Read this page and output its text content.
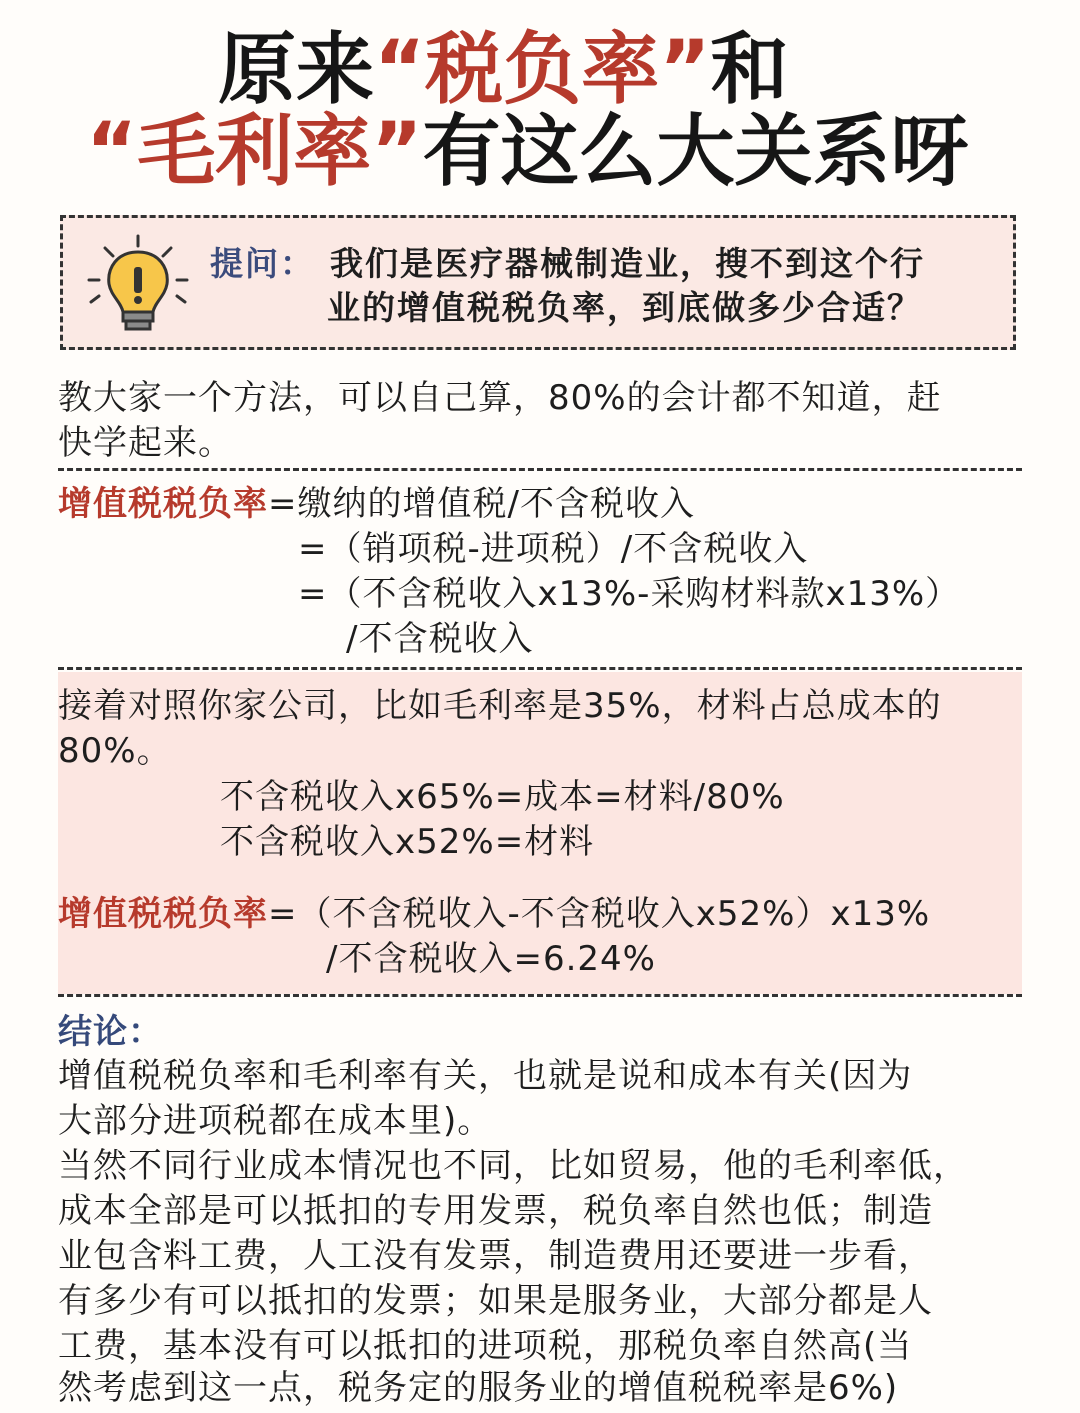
原来“税负率”和
“毛利率”有这么大关系呀
提问： 我们是医疗器械制造业，搜不到这个行
业的增值税税负率，到底做多少合适？
教大家一个方法，可以自己算，80%的会计都不知道，赶
快学起来。
增值税税负率=缴纳的增值税/不含税收入
=（销项税-进项税）/不含税收入
=（不含税收入x13%-采购材料款x13%）
/不含税收入
接着对照你家公司，比如毛利率是35%，材料占总成本的
80%。
不含税收入x65%=成本=材料/80%
不含税收入x52%=材料
增值税税负率=（不含税收入-不含税收入x52%）x13%
/不含税收入=6.24%
结论：
增值税税负率和毛利率有关，也就是说和成本有关(因为
大部分进项税都在成本里)。
当然不同行业成本情况也不同，比如贸易，他的毛利率低，
成本全部是可以抵扣的专用发票，税负率自然也低；制造
业包含料工费，人工没有发票，制造费用还要进一步看，
有多少有可以抵扣的发票；如果是服务业，大部分都是人
工费，基本没有可以抵扣的进项税，那税负率自然高(当
然考虑到这一点，税务定的服务业的增值税税率是6%)
